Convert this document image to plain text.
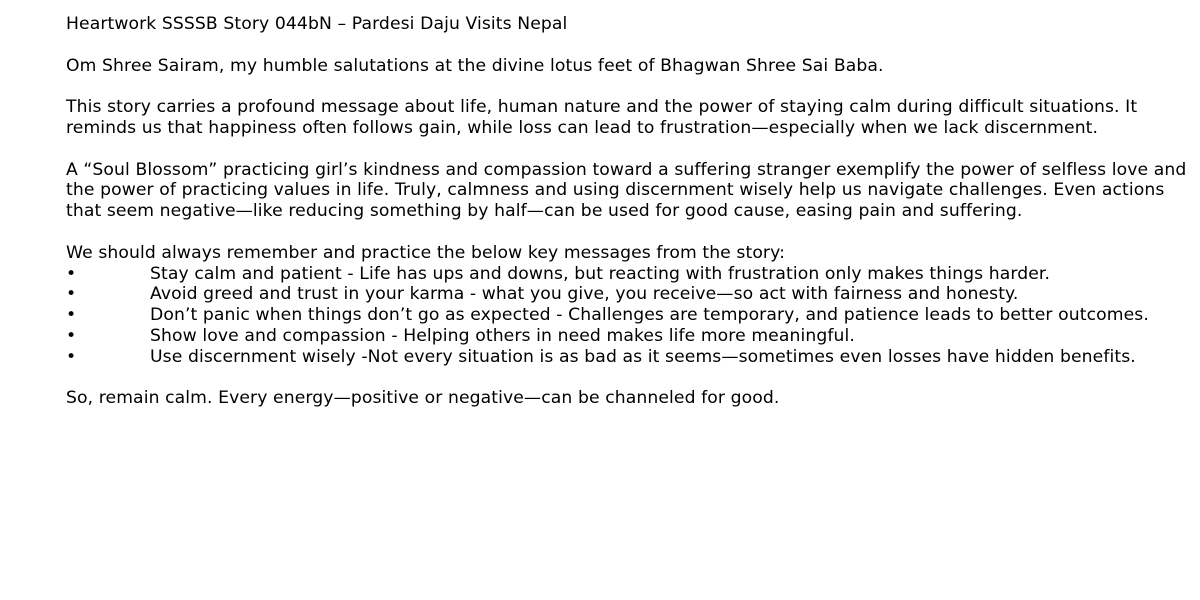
Heartwork SSSSB Story 044bN – Pardesi Daju Visits Nepal

Om Shree Sairam, my humble salutations at the divine lotus feet of Bhagwan Shree Sai Baba.

This story carries a profound message about life, human nature and the power of staying calm during difficult situations. It reminds us that happiness often follows gain, while loss can lead to frustration—especially when we lack discernment.

A “Soul Blossom” practicing girl’s kindness and compassion toward a suffering stranger exemplify the power of selfless love and the power of practicing values in life. Truly, calmness and using discernment wisely help us navigate challenges. Even actions that seem negative—like reducing something by half—can be used for good cause, easing pain and suffering.

We should always remember and practice the below key messages from the story:

•	Stay calm and patient - Life has ups and downs, but reacting with frustration only makes things harder.
•	Avoid greed and trust in your karma - what you give, you receive—so act with fairness and honesty.
•	Don’t panic when things don’t go as expected - Challenges are temporary, and patience leads to better outcomes.
•	Show love and compassion - Helping others in need makes life more meaningful.
•	Use discernment wisely -Not every situation is as bad as it seems—sometimes even losses have hidden benefits.

So, remain calm. Every energy—positive or negative—can be channeled for good.
